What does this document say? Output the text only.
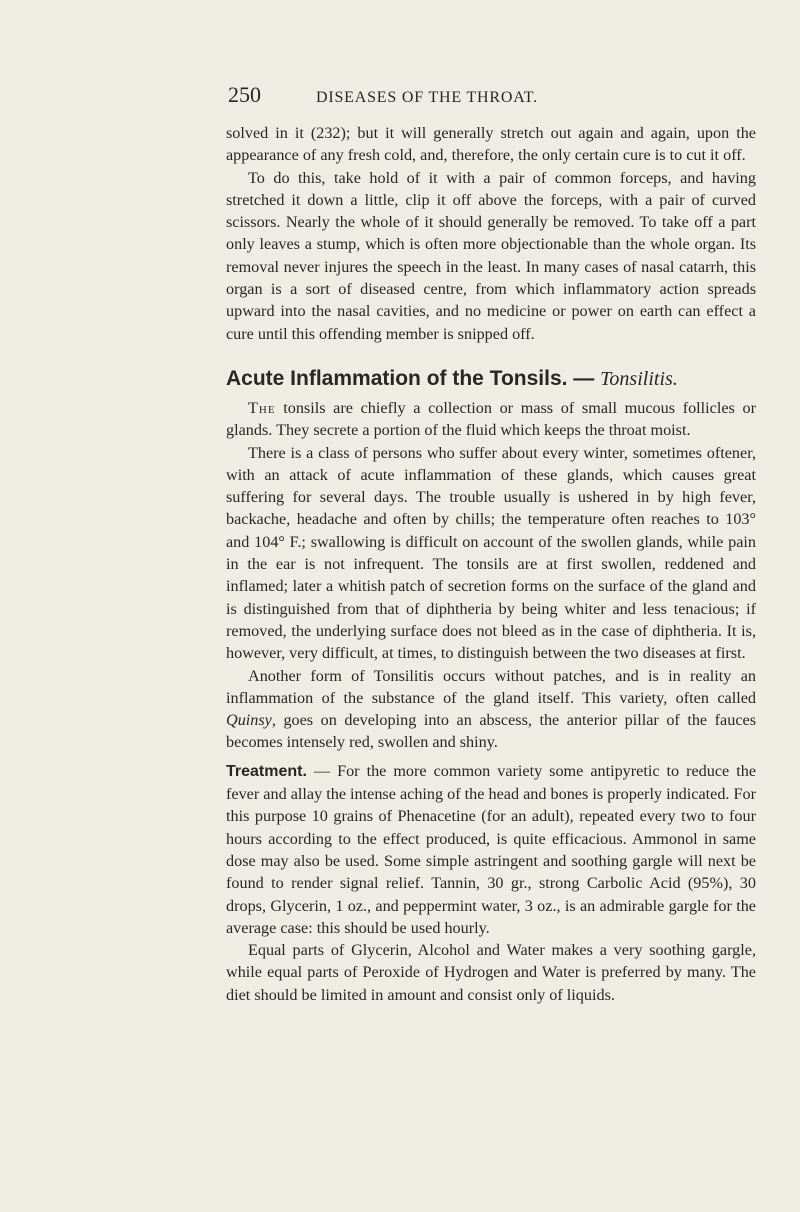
250	DISEASES OF THE THROAT.

solved in it (232); but it will generally stretch out again and again, upon the appearance of any fresh cold, and, therefore, the only certain cure is to cut it off.

To do this, take hold of it with a pair of common forceps, and having stretched it down a little, clip it off above the forceps, with a pair of curved scissors. Nearly the whole of it should generally be removed. To take off a part only leaves a stump, which is often more objectionable than the whole organ. Its removal never injures the speech in the least. In many cases of nasal catarrh, this organ is a sort of diseased centre, from which inflammatory action spreads upward into the nasal cavities, and no medicine or power on earth can effect a cure until this offending member is snipped off.

Acute Inflammation of the Tonsils. — Tonsilitis.

The tonsils are chiefly a collection or mass of small mucous follicles or glands. They secrete a portion of the fluid which keeps the throat moist.

There is a class of persons who suffer about every winter, sometimes oftener, with an attack of acute inflammation of these glands, which causes great suffering for several days. The trouble usually is ushered in by high fever, backache, headache and often by chills; the temperature often reaches to 103° and 104° F.; swallowing is difficult on account of the swollen glands, while pain in the ear is not infrequent. The tonsils are at first swollen, reddened and inflamed; later a whitish patch of secretion forms on the surface of the gland and is distinguished from that of diphtheria by being whiter and less tenacious; if removed, the underlying surface does not bleed as in the case of diphtheria. It is, however, very difficult, at times, to distinguish between the two diseases at first.

Another form of Tonsilitis occurs without patches, and is in reality an inflammation of the substance of the gland itself. This variety, often called Quinsy, goes on developing into an abscess, the anterior pillar of the fauces becomes intensely red, swollen and shiny.

Treatment. — For the more common variety some antipyretic to reduce the fever and allay the intense aching of the head and bones is properly indicated. For this purpose 10 grains of Phenacetine (for an adult), repeated every two to four hours according to the effect produced, is quite efficacious. Ammonol in same dose may also be used. Some simple astringent and soothing gargle will next be found to render signal relief. Tannin, 30 gr., strong Carbolic Acid (95%), 30 drops, Glycerin, 1 oz., and peppermint water, 3 oz., is an admirable gargle for the average case: this should be used hourly.

Equal parts of Glycerin, Alcohol and Water makes a very soothing gargle, while equal parts of Peroxide of Hydrogen and Water is preferred by many. The diet should be limited in amount and consist only of liquids.
